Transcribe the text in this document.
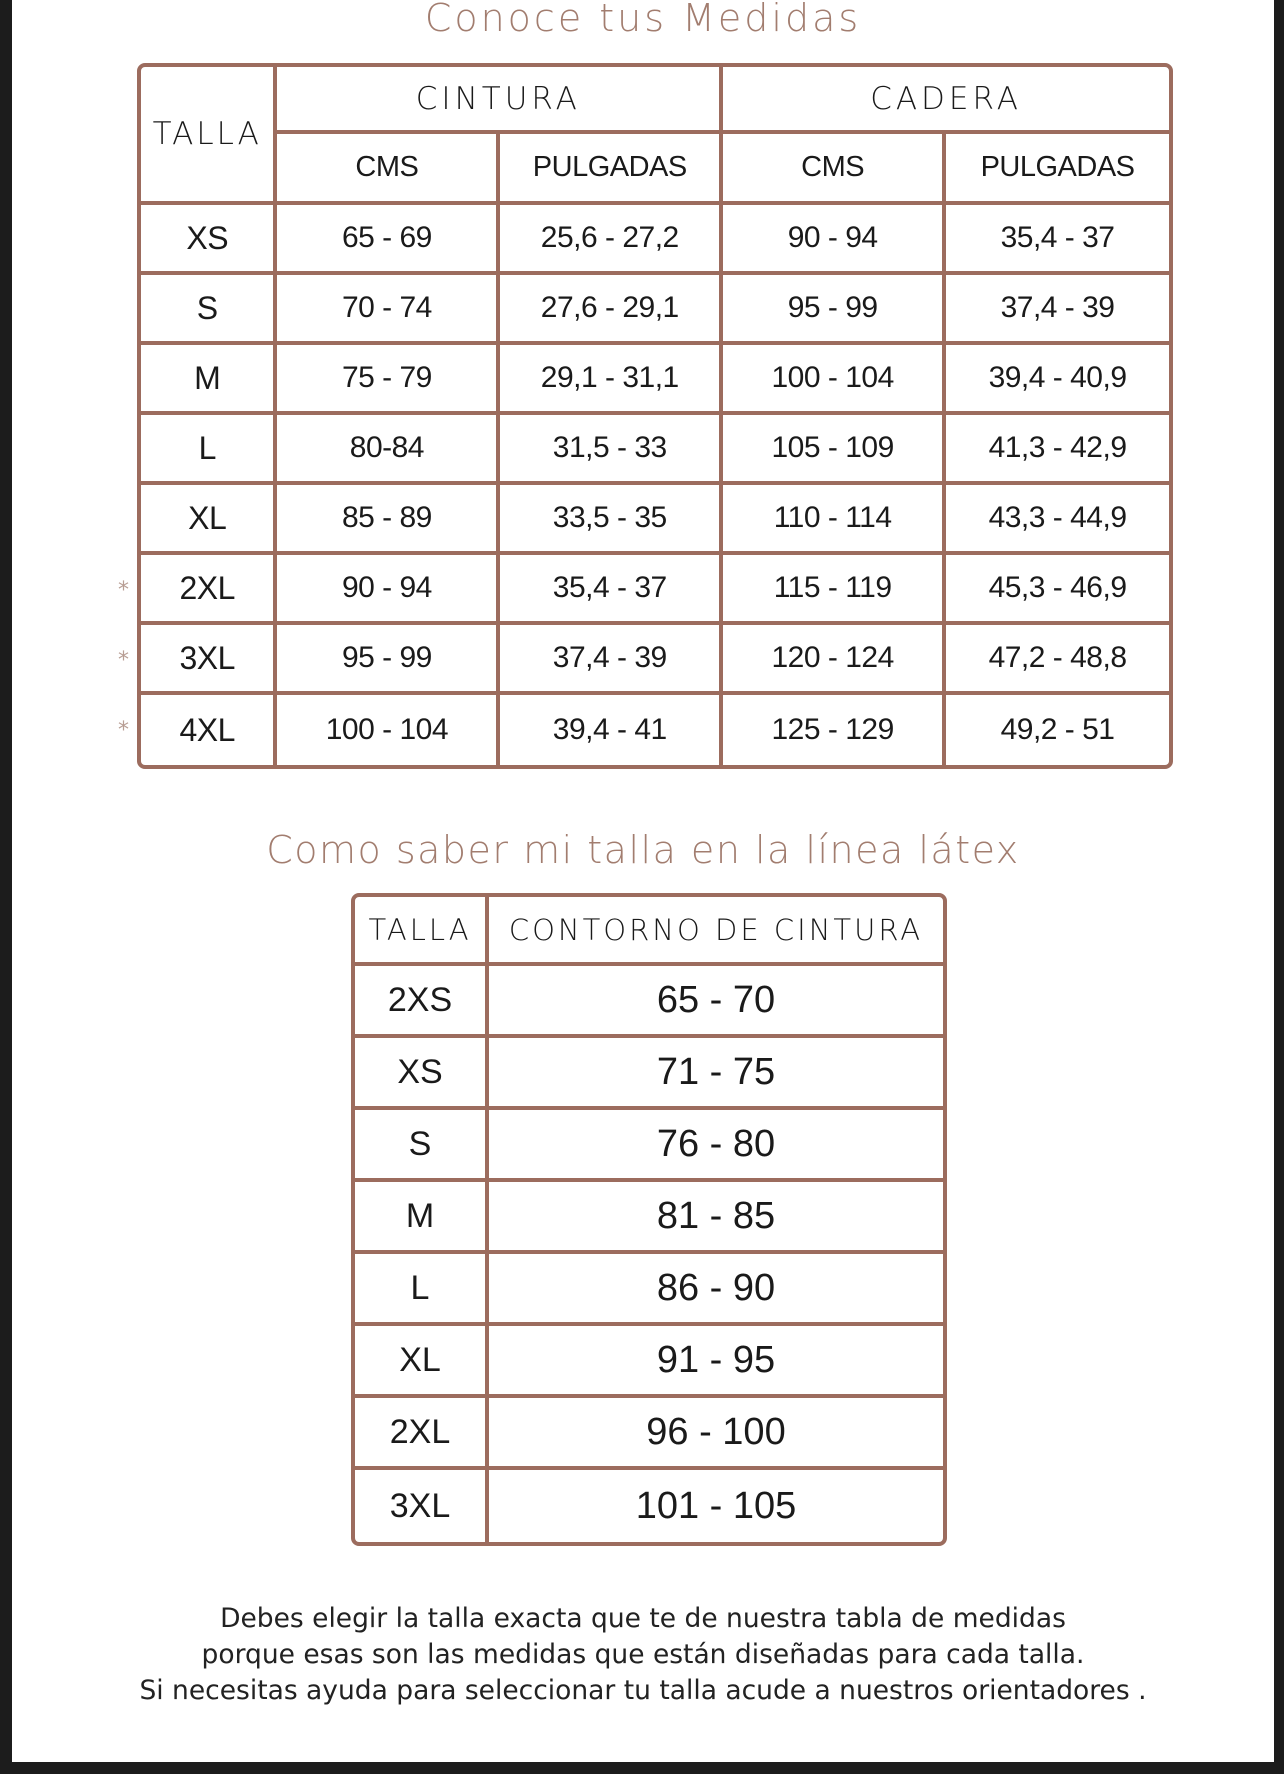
Conoce tus Medidas
TALLA	CINTURA		CADERA	
	CMS	PULGADAS	CMS	PULGADAS
XS	65 - 69	25,6 - 27,2	90 - 94	35,4 - 37
S	70 - 74	27,6 - 29,1	95 - 99	37,4 - 39
M	75 - 79	29,1 - 31,1	100 - 104	39,4 - 40,9
L	80-84	31,5 - 33	105 - 109	41,3 - 42,9
XL	85 - 89	33,5 - 35	110 - 114	43,3 - 44,9
2XL	90 - 94	35,4 - 37	115 - 119	45,3 - 46,9
3XL	95 - 99	37,4 - 39	120 - 124	47,2 - 48,8
4XL	100 - 104	39,4 - 41	125 - 129	49,2 - 51
*
*
*
Como saber mi talla en la línea látex
TALLA	CONTORNO DE CINTURA
2XS	65 - 70
XS	71 - 75
S	76 - 80
M	81 - 85
L	86 - 90
XL	91 - 95
2XL	96 - 100
3XL	101 - 105
Debes elegir la talla exacta que te de nuestra tabla de medidas
porque esas son las medidas que están diseñadas para cada talla.
Si necesitas ayuda para seleccionar tu talla acude a nuestros orientadores .
